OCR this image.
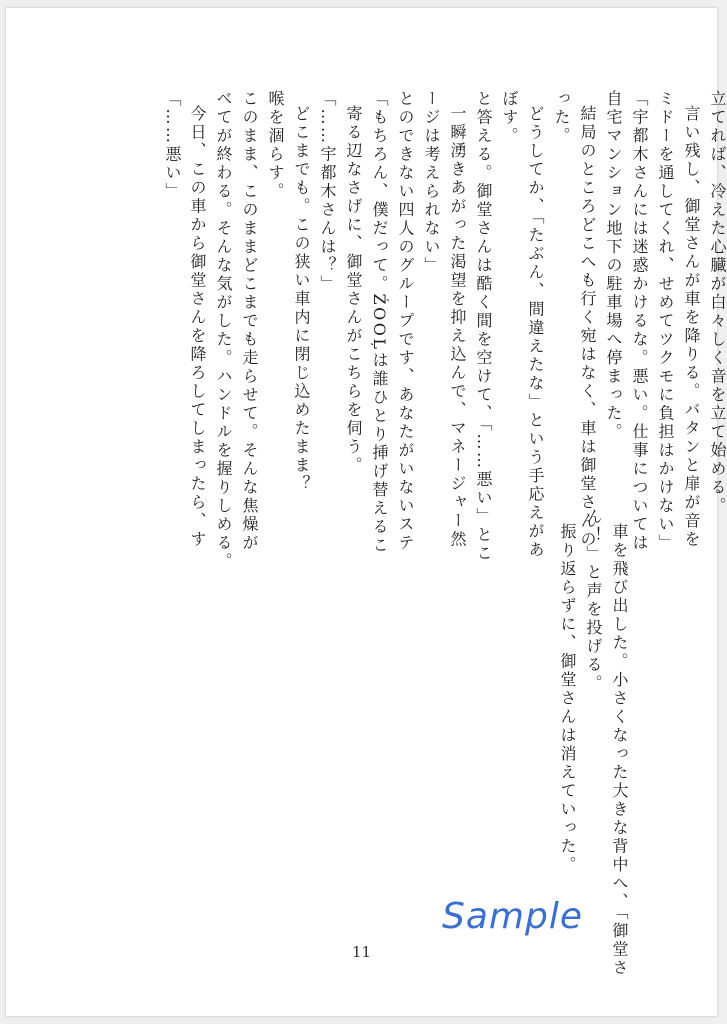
「……悪い」 今日、この車から御堂さんを降ろしてしまったら、す べてが終わる。そんな気がした。ハンドルを握りしめる。 このまま、このままどこまでも走らせて。そんな焦燥が 喉を涸らす。 どこまでも。この狭い車内に閉じ込めたまま？ 「……宇都木さんは？」 寄る辺なさげに、御堂さんがこちらを伺う。 「もちろん、僕だって。ŹOOĻは誰ひとり挿げ替えるこ とのできない四人のグループです、あなたがいないステ ージは考えられない」 一瞬湧きあがった渇望を抑え込んで、マネージャー然 と答える。御堂さんは酷く間を空けて、「……悪い」とこ ぼす。 どうしてか、「たぶん、間違えたな」という手応えがあ った。 結局のところどこへも行く宛はなく、車は御堂さんの 自宅マンション地下の駐車場へ停まった。 「宇都木さんには迷惑かけるな。悪い。仕事については ミドーを通してくれ、せめてツクモに負担はかけない」 言い残し、御堂さんが車を降りる。バタンと扉が音を 立てれば、冷えた心臓が白々しく音を立て始める。
車を飛び出した。小さくなった大きな背中へ、「御堂さ
ん！」と声を投げる。
振り返らずに、御堂さんは消えていった。
Sample
11
